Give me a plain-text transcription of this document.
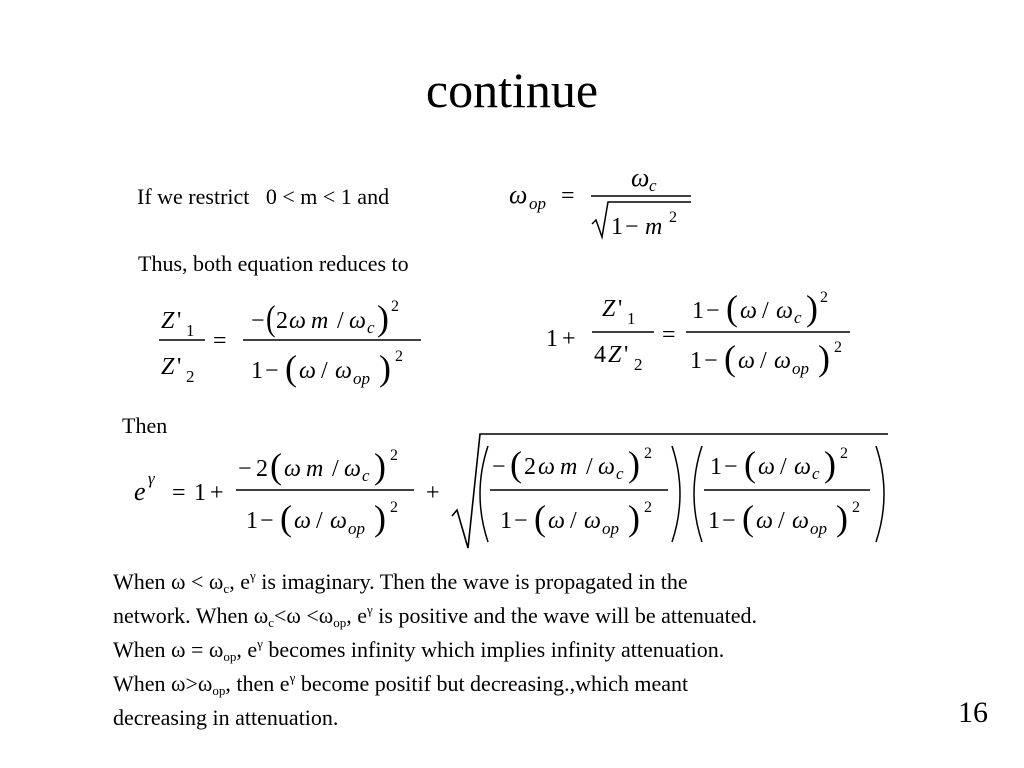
continue
If we restrict   0 < m < 1 and
Thus, both equation reduces to
Then
ω op =
ω c
1 − m 2
Z ' 1
Z ' 2
=
− ( 2 ω m / ω c ) 2
1 − ( ω / ω op ) 2
1 +
Z ' 1
4 Z ' 2
=
1 − ( ω / ω c ) 2
1 − ( ω / ω op ) 2
e γ
= 1 +
− 2 ( ω m / ω c ) 2
1 − ( ω / ω op ) 2
+
− ( 2 ω m / ω c ) 2
1 − ( ω / ω op ) 2
1 − ( ω / ω c ) 2
1 − ( ω / ω op ) 2
When $\omega < \omega_c$, $e^\gamma$ is imaginary. Then the wave is propagated in the
network. When $\omega_c<\omega <\omega_{op}$, $e^\gamma$ is positive and the wave will be attenuated.
When $\omega = \omega_{op}$, $e^\gamma$ becomes infinity which implies infinity attenuation.
When $\omega>\omega_{op}$, then $e^\gamma$ become positif but decreasing.,which meant
decreasing in attenuation.	16
